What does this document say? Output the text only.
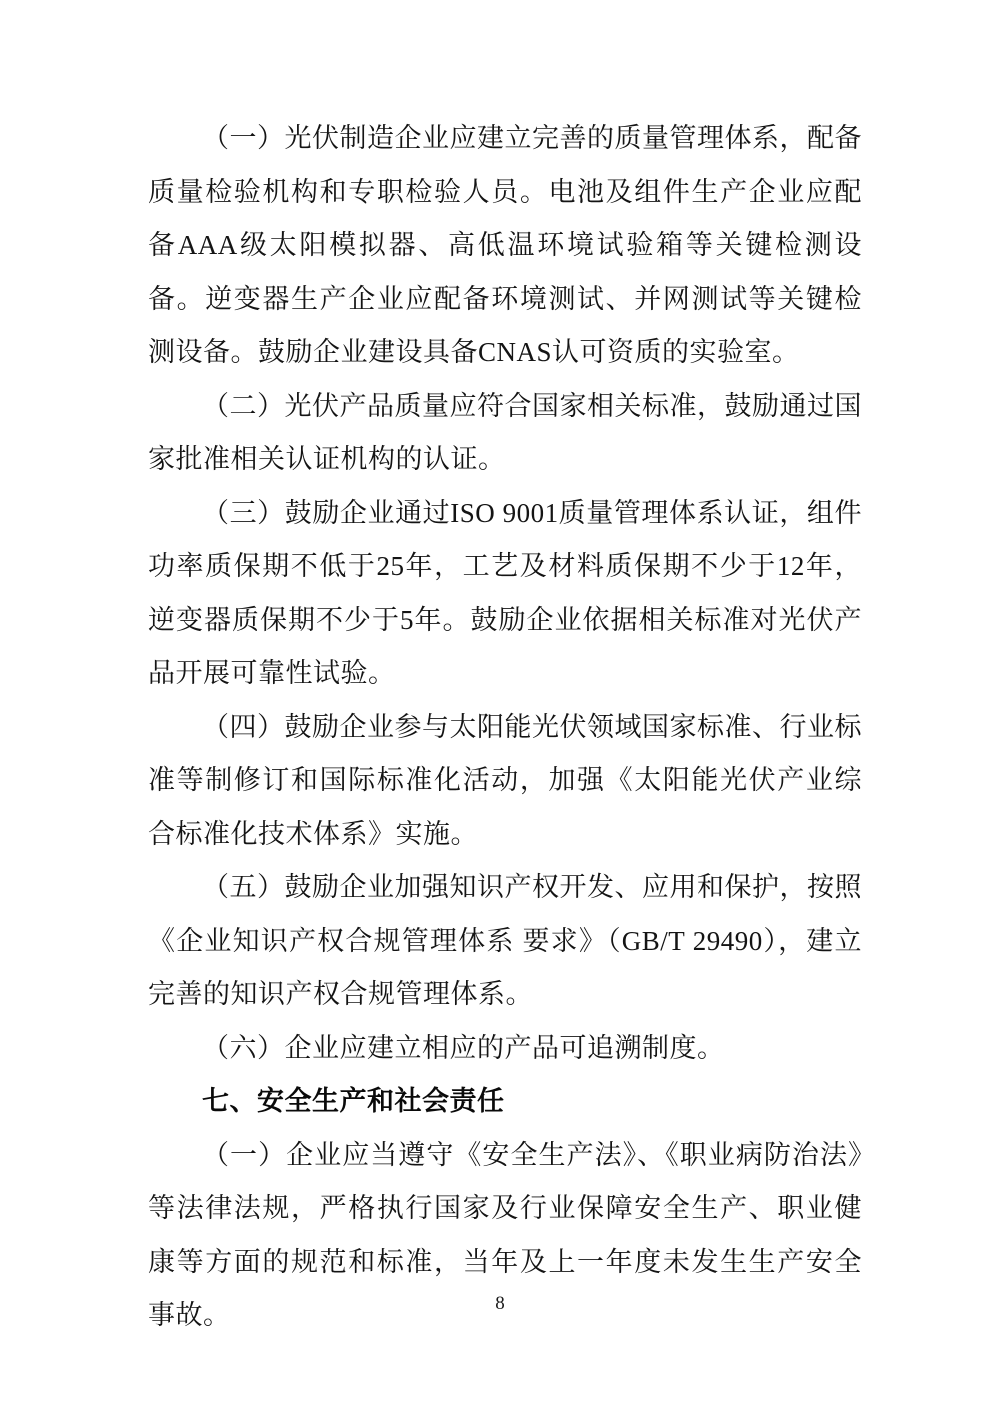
（一）光伏制造企业应建立完善的质量管理体系，配备质量检验机构和专职检验人员。电池及组件生产企业应配备AAA级太阳模拟器、高低温环境试验箱等关键检测设备。逆变器生产企业应配备环境测试、并网测试等关键检测设备。鼓励企业建设具备CNAS认可资质的实验室。

（二）光伏产品质量应符合国家相关标准，鼓励通过国家批准相关认证机构的认证。

（三）鼓励企业通过ISO 9001质量管理体系认证，组件功率质保期不低于25年，工艺及材料质保期不少于12年，逆变器质保期不少于5年。鼓励企业依据相关标准对光伏产品开展可靠性试验。

（四）鼓励企业参与太阳能光伏领域国家标准、行业标准等制修订和国际标准化活动，加强《太阳能光伏产业综合标准化技术体系》实施。

（五）鼓励企业加强知识产权开发、应用和保护，按照《企业知识产权合规管理体系 要求》（GB/T 29490），建立完善的知识产权合规管理体系。

（六）企业应建立相应的产品可追溯制度。

七、安全生产和社会责任

（一）企业应当遵守《安全生产法》、《职业病防治法》等法律法规，严格执行国家及行业保障安全生产、职业健康等方面的规范和标准，当年及上一年度未发生生产安全事故。	8
